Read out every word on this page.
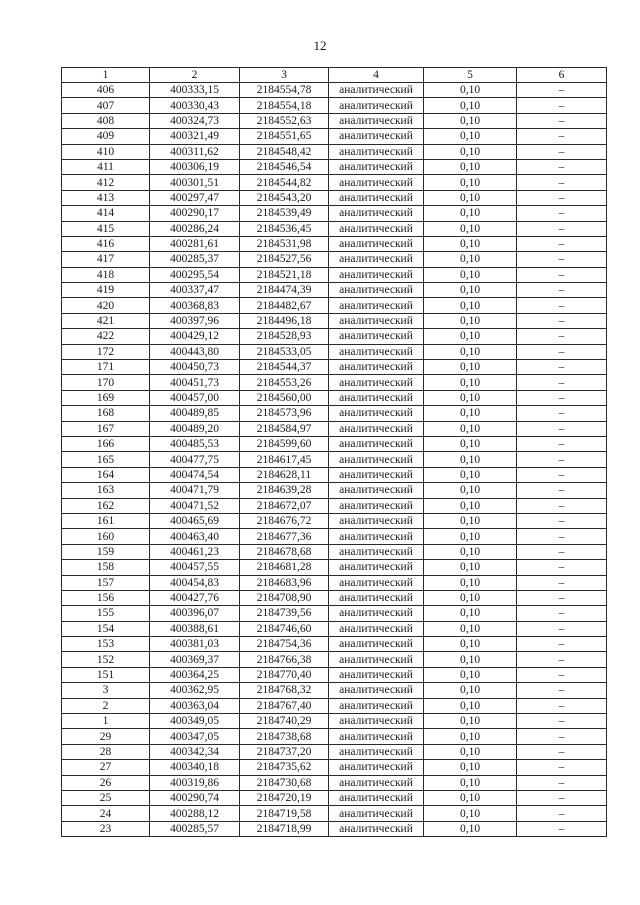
12
1	2	3	4	5	6
406	400333,15	2184554,78	аналитический	0,10	–
407	400330,43	2184554,18	аналитический	0,10	–
408	400324,73	2184552,63	аналитический	0,10	–
409	400321,49	2184551,65	аналитический	0,10	–
410	400311,62	2184548,42	аналитический	0,10	–
411	400306,19	2184546,54	аналитический	0,10	–
412	400301,51	2184544,82	аналитический	0,10	–
413	400297,47	2184543,20	аналитический	0,10	–
414	400290,17	2184539,49	аналитический	0,10	–
415	400286,24	2184536,45	аналитический	0,10	–
416	400281,61	2184531,98	аналитический	0,10	–
417	400285,37	2184527,56	аналитический	0,10	–
418	400295,54	2184521,18	аналитический	0,10	–
419	400337,47	2184474,39	аналитический	0,10	–
420	400368,83	2184482,67	аналитический	0,10	–
421	400397,96	2184496,18	аналитический	0,10	–
422	400429,12	2184528,93	аналитический	0,10	–
172	400443,80	2184533,05	аналитический	0,10	–
171	400450,73	2184544,37	аналитический	0,10	–
170	400451,73	2184553,26	аналитический	0,10	–
169	400457,00	2184560,00	аналитический	0,10	–
168	400489,85	2184573,96	аналитический	0,10	–
167	400489,20	2184584,97	аналитический	0,10	–
166	400485,53	2184599,60	аналитический	0,10	–
165	400477,75	2184617,45	аналитический	0,10	–
164	400474,54	2184628,11	аналитический	0,10	–
163	400471,79	2184639,28	аналитический	0,10	–
162	400471,52	2184672,07	аналитический	0,10	–
161	400465,69	2184676,72	аналитический	0,10	–
160	400463,40	2184677,36	аналитический	0,10	–
159	400461,23	2184678,68	аналитический	0,10	–
158	400457,55	2184681,28	аналитический	0,10	–
157	400454,83	2184683,96	аналитический	0,10	–
156	400427,76	2184708,90	аналитический	0,10	–
155	400396,07	2184739,56	аналитический	0,10	–
154	400388,61	2184746,60	аналитический	0,10	–
153	400381,03	2184754,36	аналитический	0,10	–
152	400369,37	2184766,38	аналитический	0,10	–
151	400364,25	2184770,40	аналитический	0,10	–
3	400362,95	2184768,32	аналитический	0,10	–
2	400363,04	2184767,40	аналитический	0,10	–
1	400349,05	2184740,29	аналитический	0,10	–
29	400347,05	2184738,68	аналитический	0,10	–
28	400342,34	2184737,20	аналитический	0,10	–
27	400340,18	2184735,62	аналитический	0,10	–
26	400319,86	2184730,68	аналитический	0,10	–
25	400290,74	2184720,19	аналитический	0,10	–
24	400288,12	2184719,58	аналитический	0,10	–
23	400285,57	2184718,99	аналитический	0,10	–
